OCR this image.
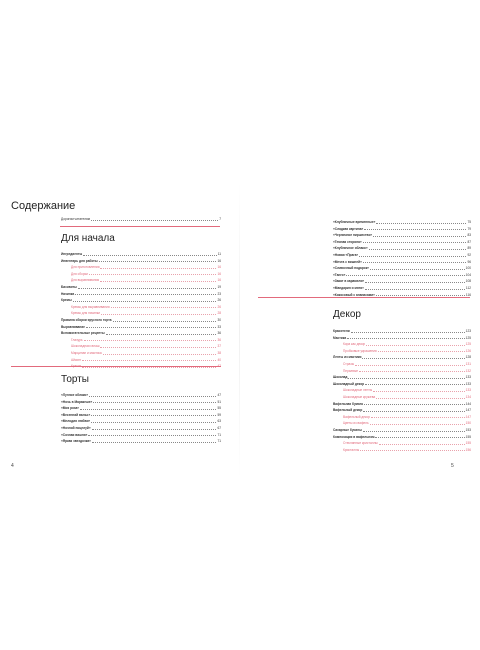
Содержание
Дорогим читателям	7
Для начала
Ингредиенты	11
Инвентарь для работы	16
Для приготовления	16
Для сборки	16
Для выравнивания	16
Бисквиты	19
Начинка	23
Кремы	26
Кремы для выравнивания	26
Кремы для начинки	28
Правила сборки ярусного торта	30
Выравнивание	33
Вспомогательные рецепты	36
Глазурь	36
Шоколадная ганаш	37
Марципан и мастика	38
Айсинг	40
Торты
«Лунное облако»	47
«Ночь в Маракеше»	51
«Моя роза»	55
«Весенний вальс»	59
«Мелодия любви»	63
«Ночной поцелуй»	67
«Сочная вишня»	71
«Яркая звездочка»	71
4
«Клубничные временные»	75
«Сладкая картина»	79
«Черничное пиршество»	83
«Темная сторона»	87
«Клубничное облако»	89
«Новая «Прага»	92
«Мечта с вишней»	96
«Сливочный подарок»	100
«Танго»	104
«Закат в карамели»	108
«Мандарин и мята»	112
«Кокосовый с ананасами»	116
Декор
Красители	123
Мастика	125
Кора как декор	125
Пробковые украшения	126
Ленты из мастики	128
Стразы	131
Перьевые	132
Шоколад	133
Шоколадный декор	133
Шоколадные ленты	133
Шоколадные кружева	134
Вафельная бумага	144
Вафельный декор	147
Вафельный декор	147
Цветы из вафель	150
Сахарные бусины	153
Композиция в вафельном	155
Стеклянные кристаллы	155
Кристаллы	156
5
